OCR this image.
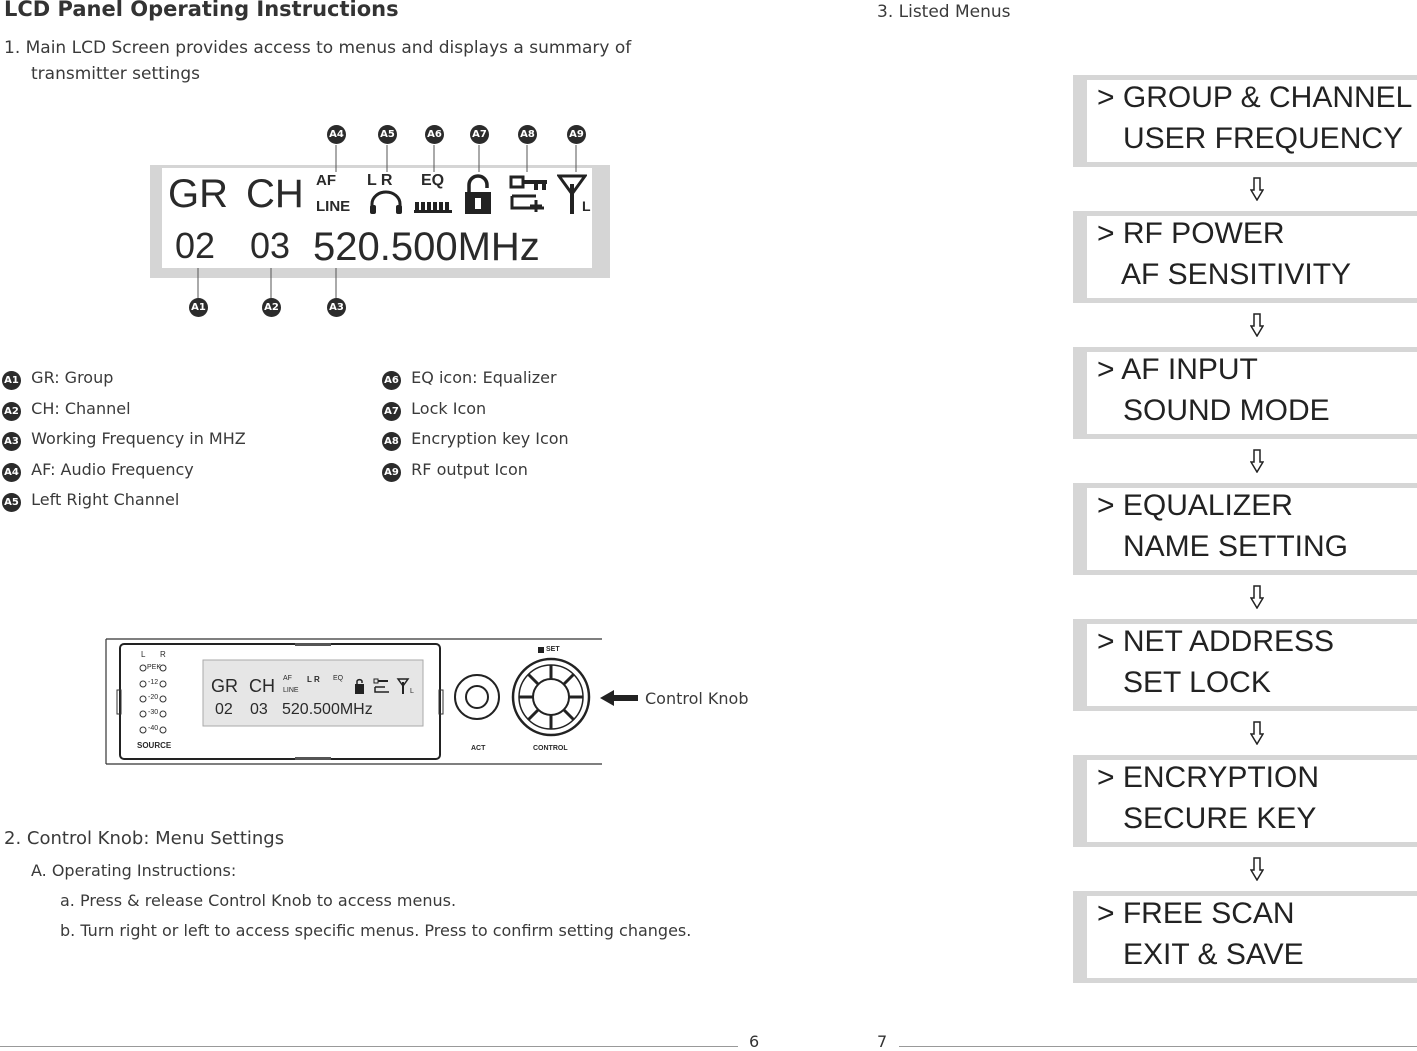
LCD Panel Operating Instructions
1. Main LCD Screen provides access to menus and displays a summary of
transmitter settings
GR CH AF
LINE
L R EQ
L
02 03 520.500MHz
A4	A5	A6	A7	A8	A9
A1	A2	A3
A1 GR: Group
A2 CH: Channel
A3 Working Frequency in MHZ
A4 AF: Audio Frequency
A5 Left Right Channel
A6 EQ icon: Equalizer
A7 Lock Icon
A8 Encryption key Icon
A9 RF output Icon
L R
PEK
-12
-20
-30
-40
SOURCE
GR CH AF
LINE
L R EQ
L
02 03 520.500MHz
ACT	CONTROL
SET
Control Knob
2. Control Knob: Menu Settings
A. Operating Instructions:
a. Press & release Control Knob to access menus.
b. Turn right or left to access specific menus. Press to confirm setting changes.
6
3. Listed Menus
> GROUP & CHANNEL
USER FREQUENCY
> RF POWER
AF SENSITIVITY
> AF INPUT
SOUND MODE
> EQUALIZER
NAME SETTING
> NET ADDRESS
SET LOCK
> ENCRYPTION
SECURE KEY
> FREE SCAN
EXIT & SAVE
7
